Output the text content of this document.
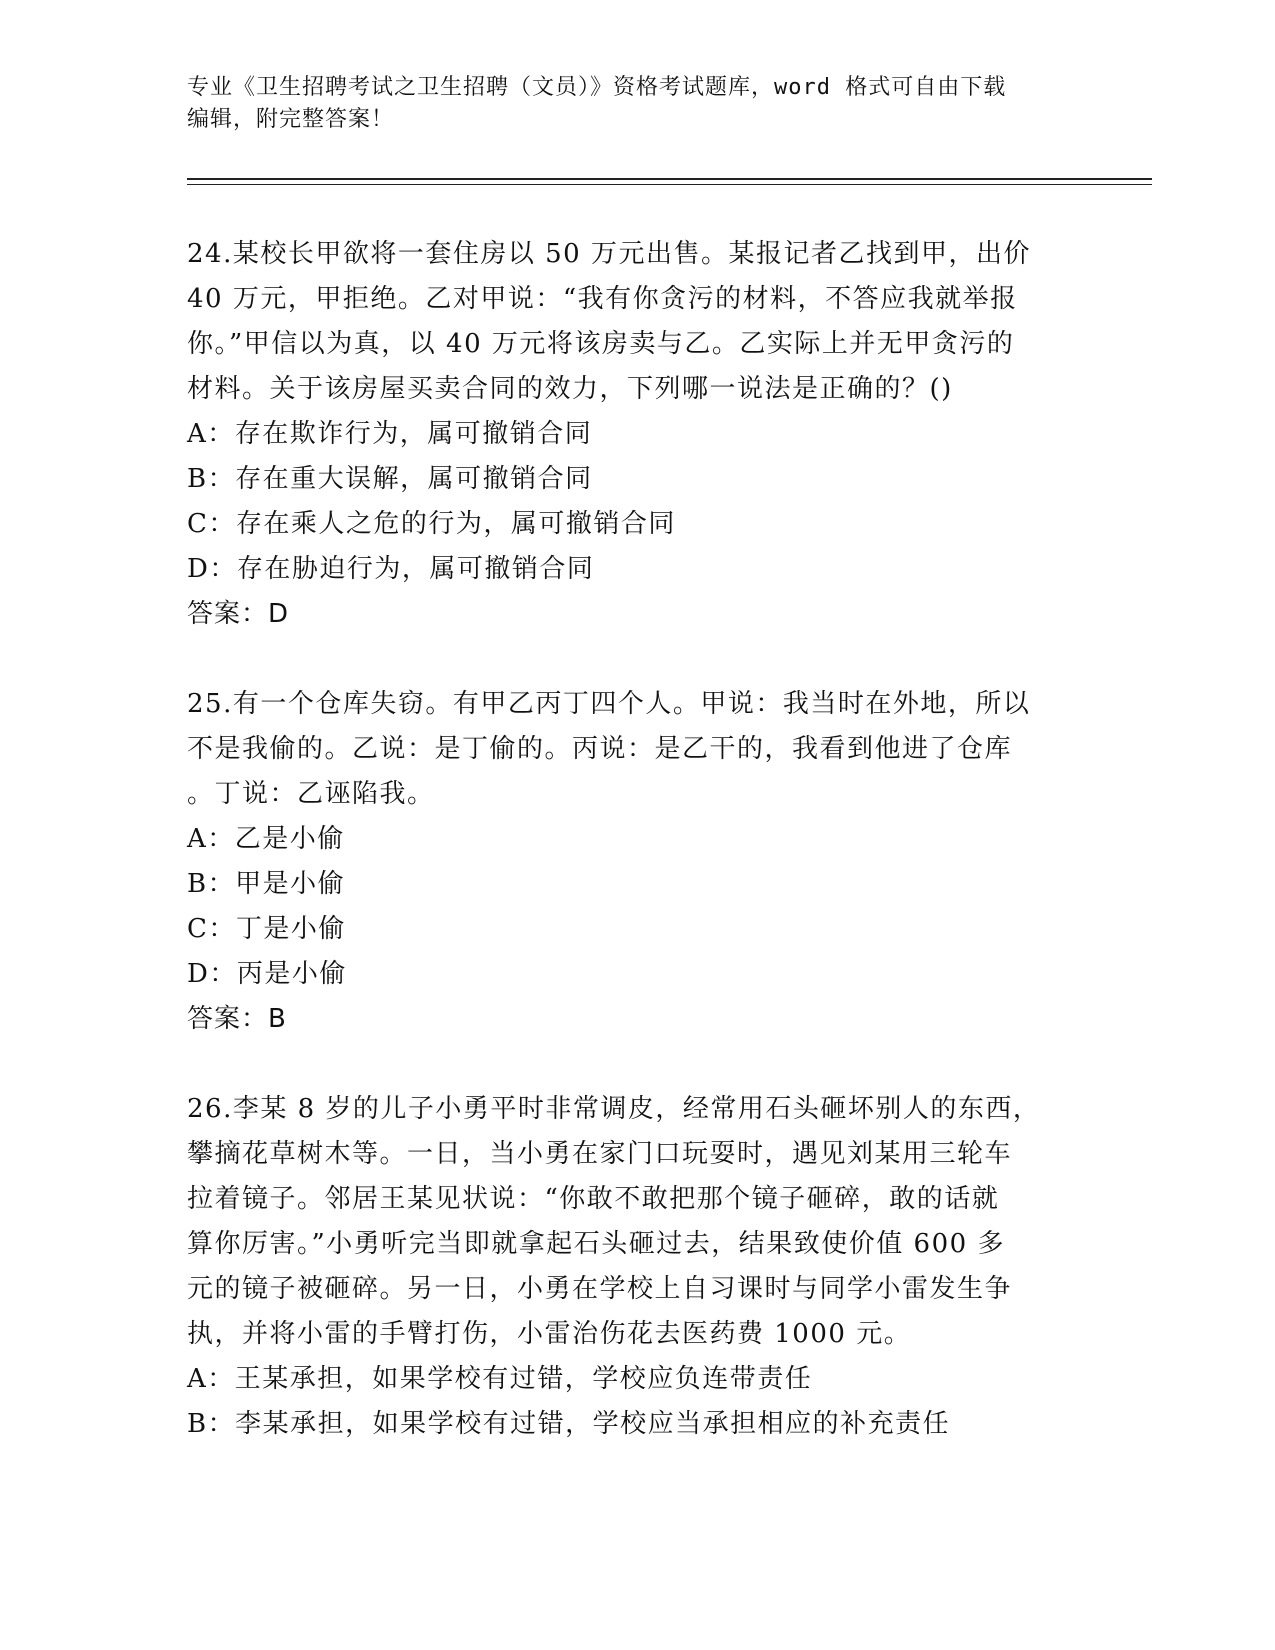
专业《卫生招聘考试之卫生招聘（文员）》资格考试题库，word 格式可自由下载
编辑，附完整答案！

24.某校长甲欲将一套住房以 50 万元出售。某报记者乙找到甲，出价

40 万元，甲拒绝。乙对甲说：“我有你贪污的材料，不答应我就举报

你。”甲信以为真，以 40 万元将该房卖与乙。乙实际上并无甲贪污的

材料。关于该房屋买卖合同的效力，下列哪一说法是正确的？()

A：存在欺诈行为，属可撤销合同

B：存在重大误解，属可撤销合同

C：存在乘人之危的行为，属可撤销合同

D：存在胁迫行为，属可撤销合同

答案：D

25.有一个仓库失窃。有甲乙丙丁四个人。甲说：我当时在外地，所以

不是我偷的。乙说：是丁偷的。丙说：是乙干的，我看到他进了仓库

。丁说：乙诬陷我。

A：乙是小偷

B：甲是小偷

C：丁是小偷

D：丙是小偷

答案：B

26.李某 8 岁的儿子小勇平时非常调皮，经常用石头砸坏别人的东西，

攀摘花草树木等。一日，当小勇在家门口玩耍时，遇见刘某用三轮车

拉着镜子。邻居王某见状说：“你敢不敢把那个镜子砸碎，敢的话就

算你厉害。”小勇听完当即就拿起石头砸过去，结果致使价值 600 多

元的镜子被砸碎。另一日，小勇在学校上自习课时与同学小雷发生争

执，并将小雷的手臂打伤，小雷治伤花去医药费 1000 元。

A：王某承担，如果学校有过错，学校应负连带责任

B：李某承担，如果学校有过错，学校应当承担相应的补充责任
